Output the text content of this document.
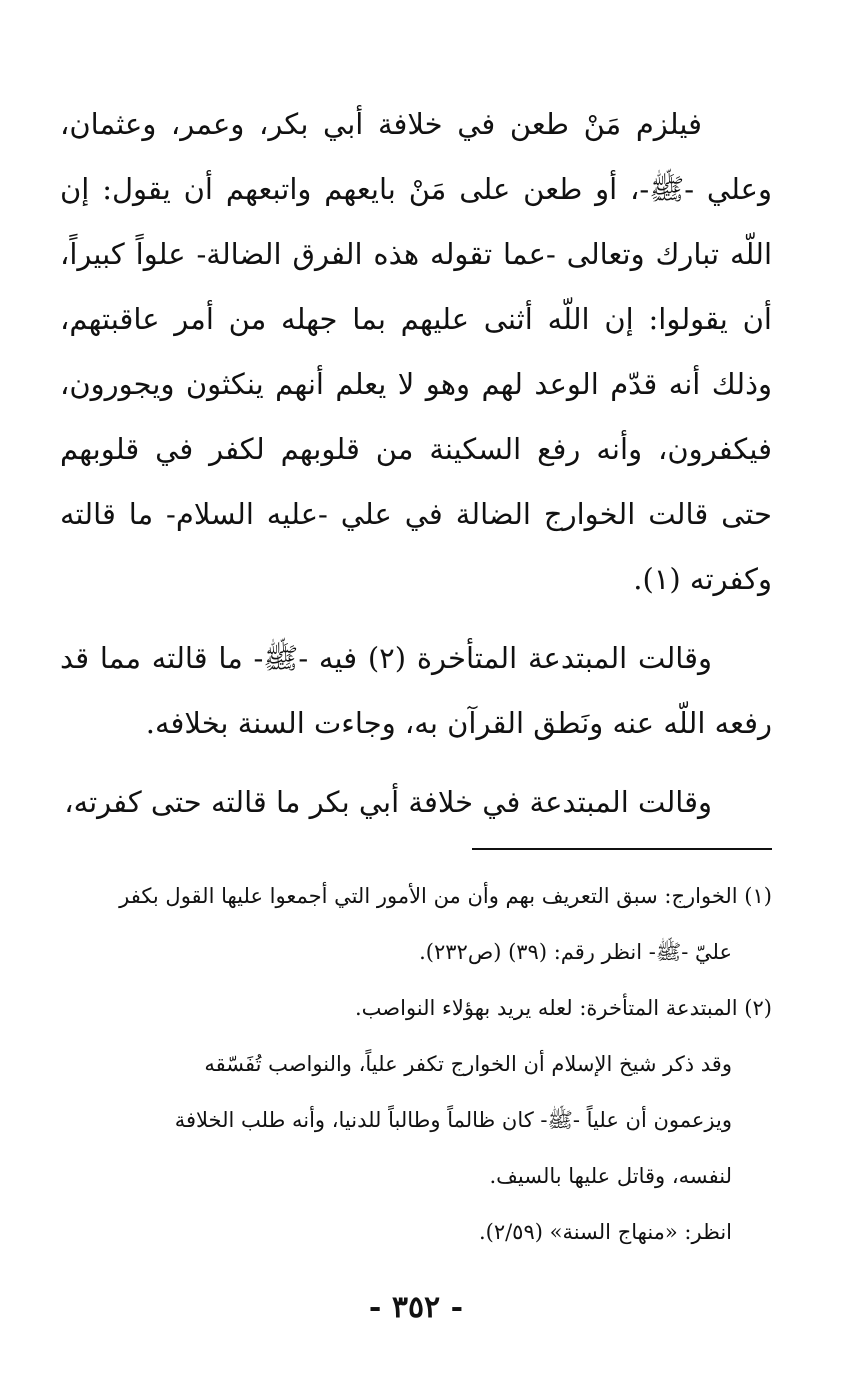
فيلزم مَنْ طعن في خلافة أبي بكر، وعمر، وعثمان، وعلي -ﷺ-، أو طعن على مَنْ بايعهم واتبعهم أن يقول: إن اللّه تبارك وتعالى -عما تقوله هذه الفرق الضالة- علواً كبيراً، أن يقولوا: إن اللّه أثنى عليهم بما جهله من أمر عاقبتهم، وذلك أنه قدّم الوعد لهم وهو لا يعلم أنهم ينكثون ويجورون، فيكفرون، وأنه رفع السكينة من قلوبهم لكفر في قلوبهم حتى قالت الخوارج الضالة في علي -عليه السلام- ما قالته وكفرته (١).

وقالت المبتدعة المتأخرة (٢) فيه -ﷺ- ما قالته مما قد رفعه اللّه عنه ونَطق القرآن به، وجاءت السنة بخلافه.

وقالت المبتدعة في خلافة أبي بكر ما قالته حتى كفرته،

(١) الخوارج: سبق التعريف بهم وأن من الأمور التي أجمعوا عليها القول بكفر

عليّ -ﷺ- انظر رقم: (٣٩) (ص٢٣٢).

(٢) المبتدعة المتأخرة: لعله يريد بهؤلاء النواصب.

وقد ذكر شيخ الإسلام أن الخوارج تكفر علياً، والنواصب تُفَسّقه

ويزعمون أن علياً -ﷺ- كان ظالماً وطالباً للدنيا، وأنه طلب الخلافة

لنفسه، وقاتل عليها بالسيف.

انظر: «منهاج السنة» (٢/٥٩).

- ٣٥٢ -
